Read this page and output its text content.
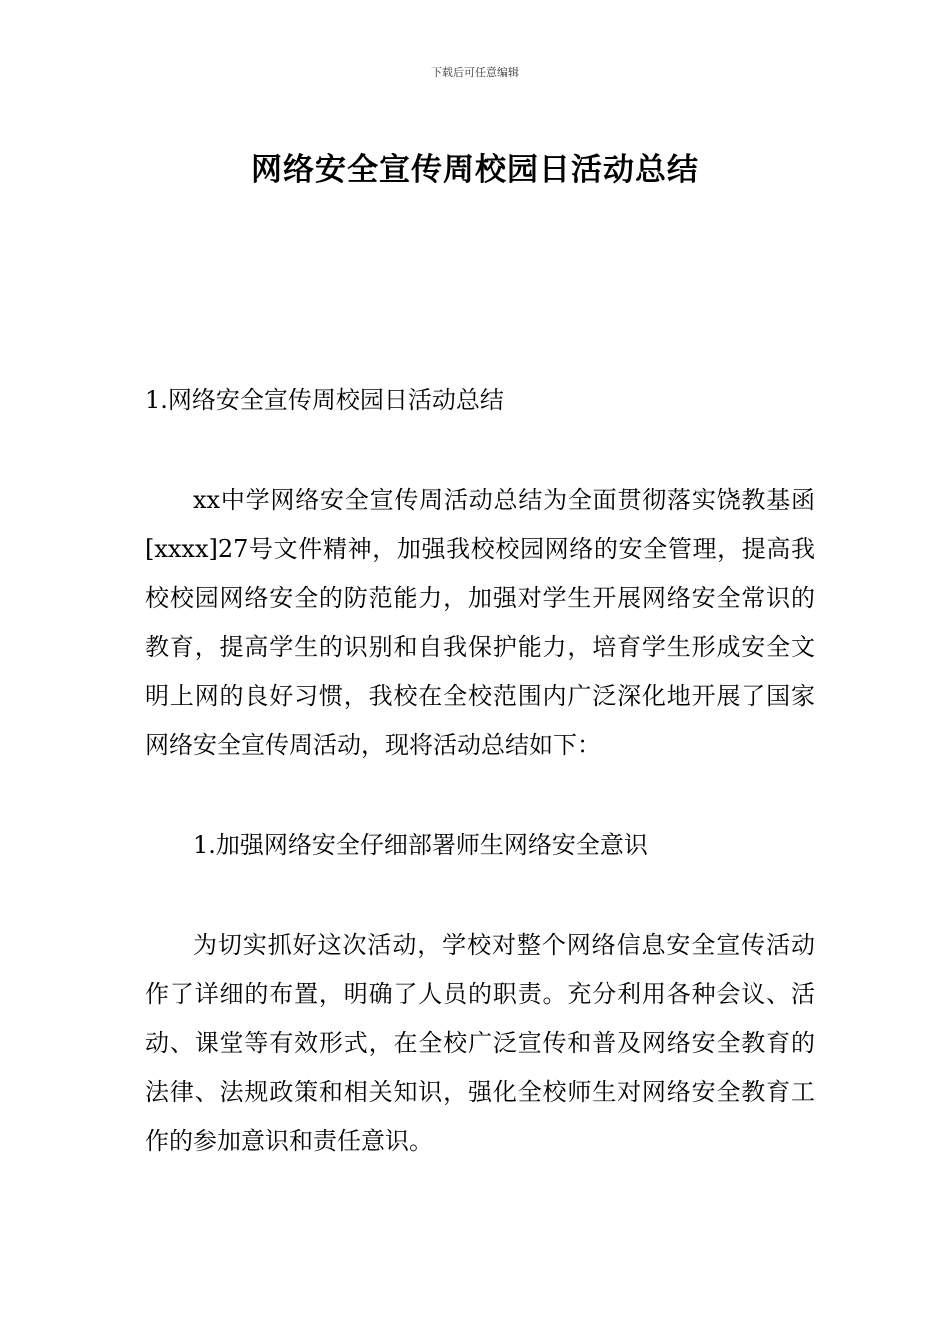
下载后可任意编辑
网络安全宣传周校园日活动总结

1.网络安全宣传周校园日活动总结

xx中学网络安全宣传周活动总结为全面贯彻落实饶教基函[xxxx]27号文件精神，加强我校校园网络的安全管理，提高我校校园网络安全的防范能力，加强对学生开展网络安全常识的教育，提高学生的识别和自我保护能力，培育学生形成安全文明上网的良好习惯，我校在全校范围内广泛深化地开展了国家网络安全宣传周活动，现将活动总结如下：

1.加强网络安全仔细部署师生网络安全意识

为切实抓好这次活动，学校对整个网络信息安全宣传活动作了详细的布置，明确了人员的职责。充分利用各种会议、活动、课堂等有效形式，在全校广泛宣传和普及网络安全教育的法律、法规政策和相关知识，强化全校师生对网络安全教育工作的参加意识和责任意识。
